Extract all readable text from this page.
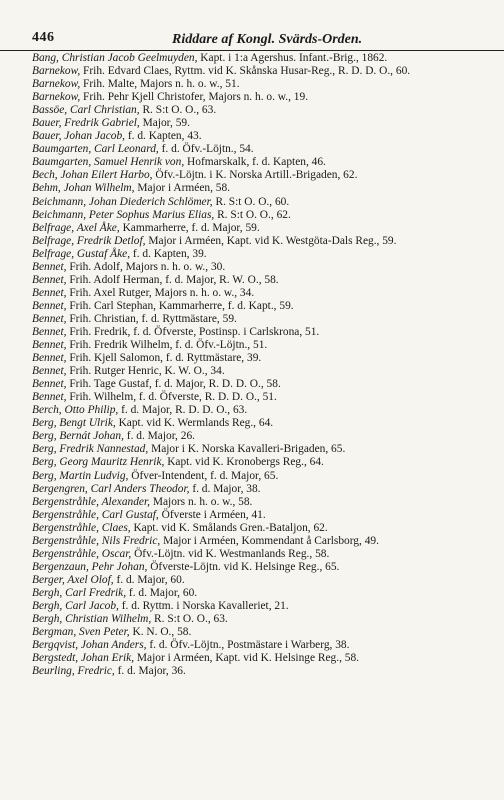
446	Riddare af Kongl. Svärds-Orden.
Bang, Christian Jacob Geelmuyden, Kapt. i 1:a Agershus. Infant.-Brig., 1862.
Barnekow, Frih. Edvard Claes, Ryttm. vid K. Skånska Husar-Reg., R. D. D. O., 60.
Barnekow, Frih. Malte, Majors n. h. o. w., 51.
Barnekow, Frih. Pehr Kjell Christofer, Majors n. h. o. w., 19.
Bassöe, Carl Christian, R. S:t O. O., 63.
Bauer, Fredrik Gabriel, Major, 59.
Bauer, Johan Jacob, f. d. Kapten, 43.
Baumgarten, Carl Leonard, f. d. Öfv.-Löjtn., 54.
Baumgarten, Samuel Henrik von, Hofmarskalk, f. d. Kapten, 46.
Bech, Johan Eilert Harbo, Öfv.-Löjtn. i K. Norska Artill.-Brigaden, 62.
Behm, Johan Wilhelm, Major i Arméen, 58.
Beichmann, Johan Diederich Schlömer, R. S:t O. O., 60.
Beichmann, Peter Sophus Marius Elias, R. S:t O. O., 62.
Belfrage, Axel Åke, Kammarherre, f. d. Major, 59.
Belfrage, Fredrik Detlof, Major i Arméen, Kapt. vid K. Westgöta-Dals Reg., 59.
Belfrage, Gustaf Åke, f. d. Kapten, 39.
Bennet, Frih. Adolf, Majors n. h. o. w., 30.
Bennet, Frih. Adolf Herman, f. d. Major, R. W. O., 58.
Bennet, Frih. Axel Rutger, Majors n. h. o. w., 34.
Bennet, Frih. Carl Stephan, Kammarherre, f. d. Kapt., 59.
Bennet, Frih. Christian, f. d. Ryttmästare, 59.
Bennet, Frih. Fredrik, f. d. Öfverste, Postinsp. i Carlskrona, 51.
Bennet, Frih. Fredrik Wilhelm, f. d. Öfv.-Löjtn., 51.
Bennet, Frih. Kjell Salomon, f. d. Ryttmästare, 39.
Bennet, Frih. Rutger Henric, K. W. O., 34.
Bennet, Frih. Tage Gustaf, f. d. Major, R. D. D. O., 58.
Bennet, Frih. Wilhelm, f. d. Öfverste, R. D. D. O., 51.
Berch, Otto Philip, f. d. Major, R. D. D. O., 63.
Berg, Bengt Ulrik, Kapt. vid K. Wermlands Reg., 64.
Berg, Bernát Johan, f. d. Major, 26.
Berg, Fredrik Nannestad, Major i K. Norska Kavalleri-Brigaden, 65.
Berg, Georg Mauritz Henrik, Kapt. vid K. Kronobergs Reg., 64.
Berg, Martin Ludvig, Öfver-Intendent, f. d. Major, 65.
Bergengren, Carl Anders Theodor, f. d. Major, 38.
Bergenstråhle, Alexander, Majors n. h. o. w., 58.
Bergenstråhle, Carl Gustaf, Öfverste i Arméen, 41.
Bergenstråhle, Claes, Kapt. vid K. Smålands Gren.-Bataljon, 62.
Bergenstråhle, Nils Fredric, Major i Arméen, Kommendant å Carlsborg, 49.
Bergenstråhle, Oscar, Öfv.-Löjtn. vid K. Westmanlands Reg., 58.
Bergenzaun, Pehr Johan, Öfverste-Löjtn. vid K. Helsinge Reg., 65.
Berger, Axel Olof, f. d. Major, 60.
Bergh, Carl Fredrik, f. d. Major, 60.
Bergh, Carl Jacob, f. d. Ryttm. i Norska Kavalleriet, 21.
Bergh, Christian Wilhelm, R. S:t O. O., 63.
Bergman, Sven Peter, K. N. O., 58.
Bergqvist, Johan Anders, f. d. Öfv.-Löjtn., Postmästare i Warberg, 38.
Bergstedt, Johan Erik, Major i Arméen, Kapt. vid K. Helsinge Reg., 58.
Beurling, Fredric, f. d. Major, 36.
